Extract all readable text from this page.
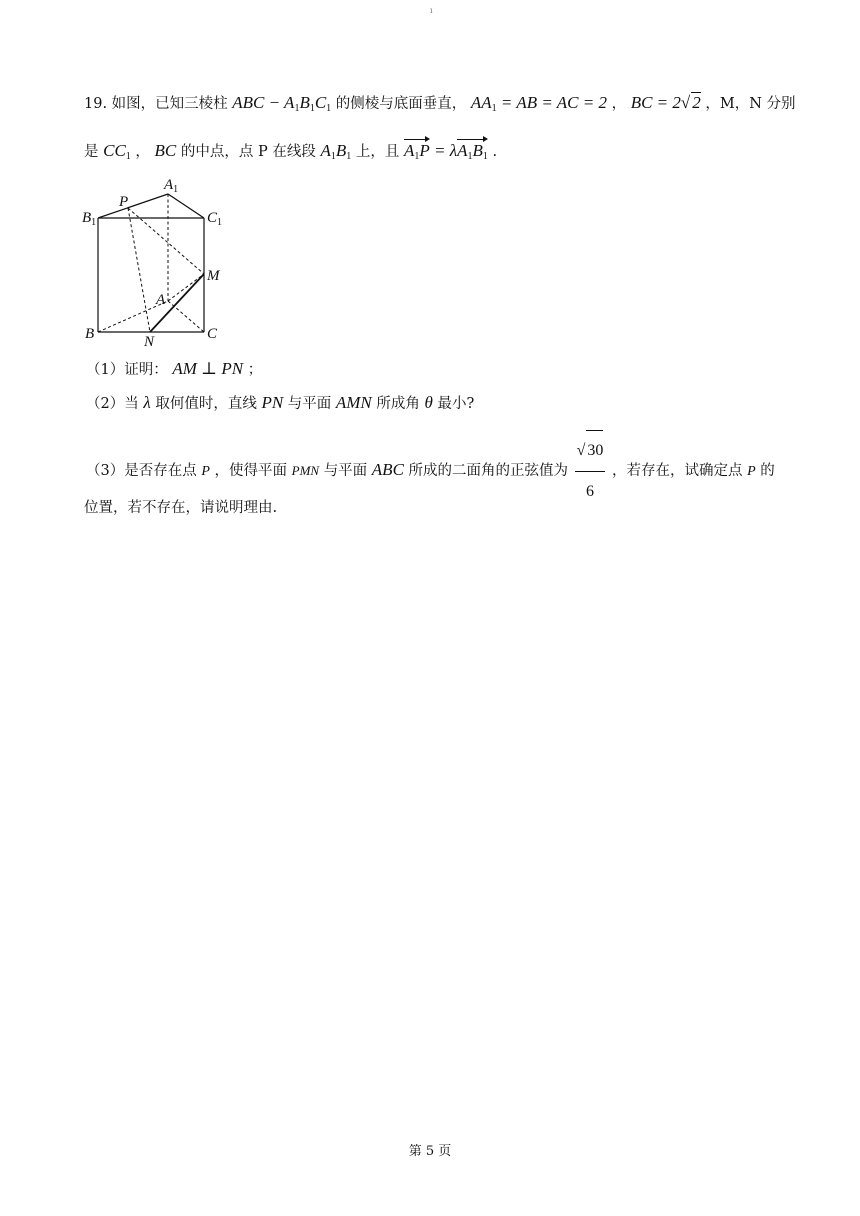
ı
19. 如图，已知三棱柱 ABC − $A_1B_1C_1$ 的侧棱与底面垂直， $AA_1$ = AB = AC = 2 ， BC = 2√ 2 ，M，N 分别
是 $CC_1$ ， BC 的中点，点 P 在线段 $A_1B_1$ 上，且 $A_1P = \lambda A_1B_1$ .
$B_1$
P
$A_1$
$C_1$
M
A
B	N	C
（1）证明： AM ⊥ PN ；
（2）当 λ 取何值时，直线 PN 与平面 AMN 所成角 θ 最小?
（3）是否存在点 P ，使得平面 PMN 与平面 ABC 所成的二面角的正弦值为 $\frac{√ 30}{6}$ ，若存在，试确定点 P 的
位置，若不存在，请说明理由.
第 5 页
